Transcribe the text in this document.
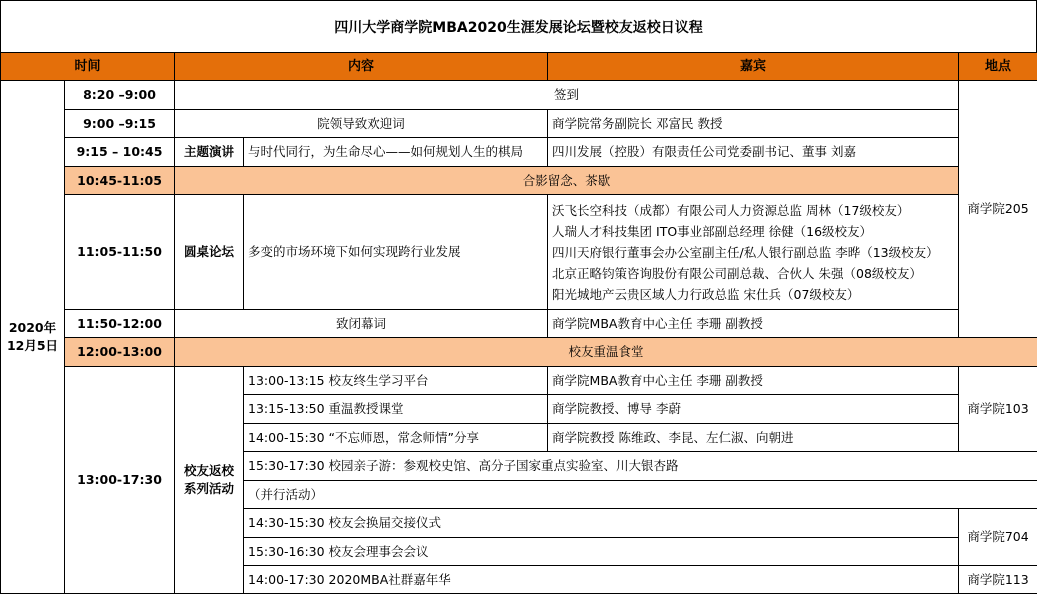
四川大学商学院MBA2020生涯发展论坛暨校友返校日议程
时间		内容		嘉宾	地点

2020年
12月5日	8:20 –9:00	签到			商学院205
	9:00 –9:15	院领导致欢迎词		商学院常务副院长 邓富民 教授	
	9:15 – 10:45	主题演讲	与时代同行，为生命尽心——如何规划人生的棋局	四川发展（控股）有限责任公司党委副书记、董事 刘嘉	
	10:45-11:05	合影留念、茶歇			
	11:05-11:50	圆桌论坛	多变的市场环境下如何实现跨行业发展	沃飞长空科技（成都）有限公司人力资源总监 周林（17级校友）
人瑞人才科技集团 ITO事业部副总经理 徐健（16级校友）
四川天府银行董事会办公室副主任/私人银行副总监 李晔（13级校友）
北京正略钧策咨询股份有限公司副总裁、合伙人 朱强（08级校友）
阳光城地产云贵区域人力行政总监 宋仕兵（07级校友）	

	11:50-12:00	致闭幕词		商学院MBA教育中心主任 李珊 副教授	
	12:00-13:00	校友重温食堂			
	13:00-17:30	校友返校
系列活动	13:00-13:15 校友终生学习平台	商学院MBA教育中心主任 李珊 副教授	商学院103
			13:15-13:50 重温教授课堂	商学院教授、博导 李蔚	
			14:00-15:30 “不忘师恩，常念师情”分享	商学院教授 陈维政、李昆、左仁淑、向朝进	
			15:30-17:30 校园亲子游：参观校史馆、高分子国家重点实验室、川大银杏路		
			（并行活动）		
			14:30-15:30 校友会换届交接仪式		商学院704
			15:30-16:30 校友会理事会会议		
			14:00-17:30 2020MBA社群嘉年华		商学院113
